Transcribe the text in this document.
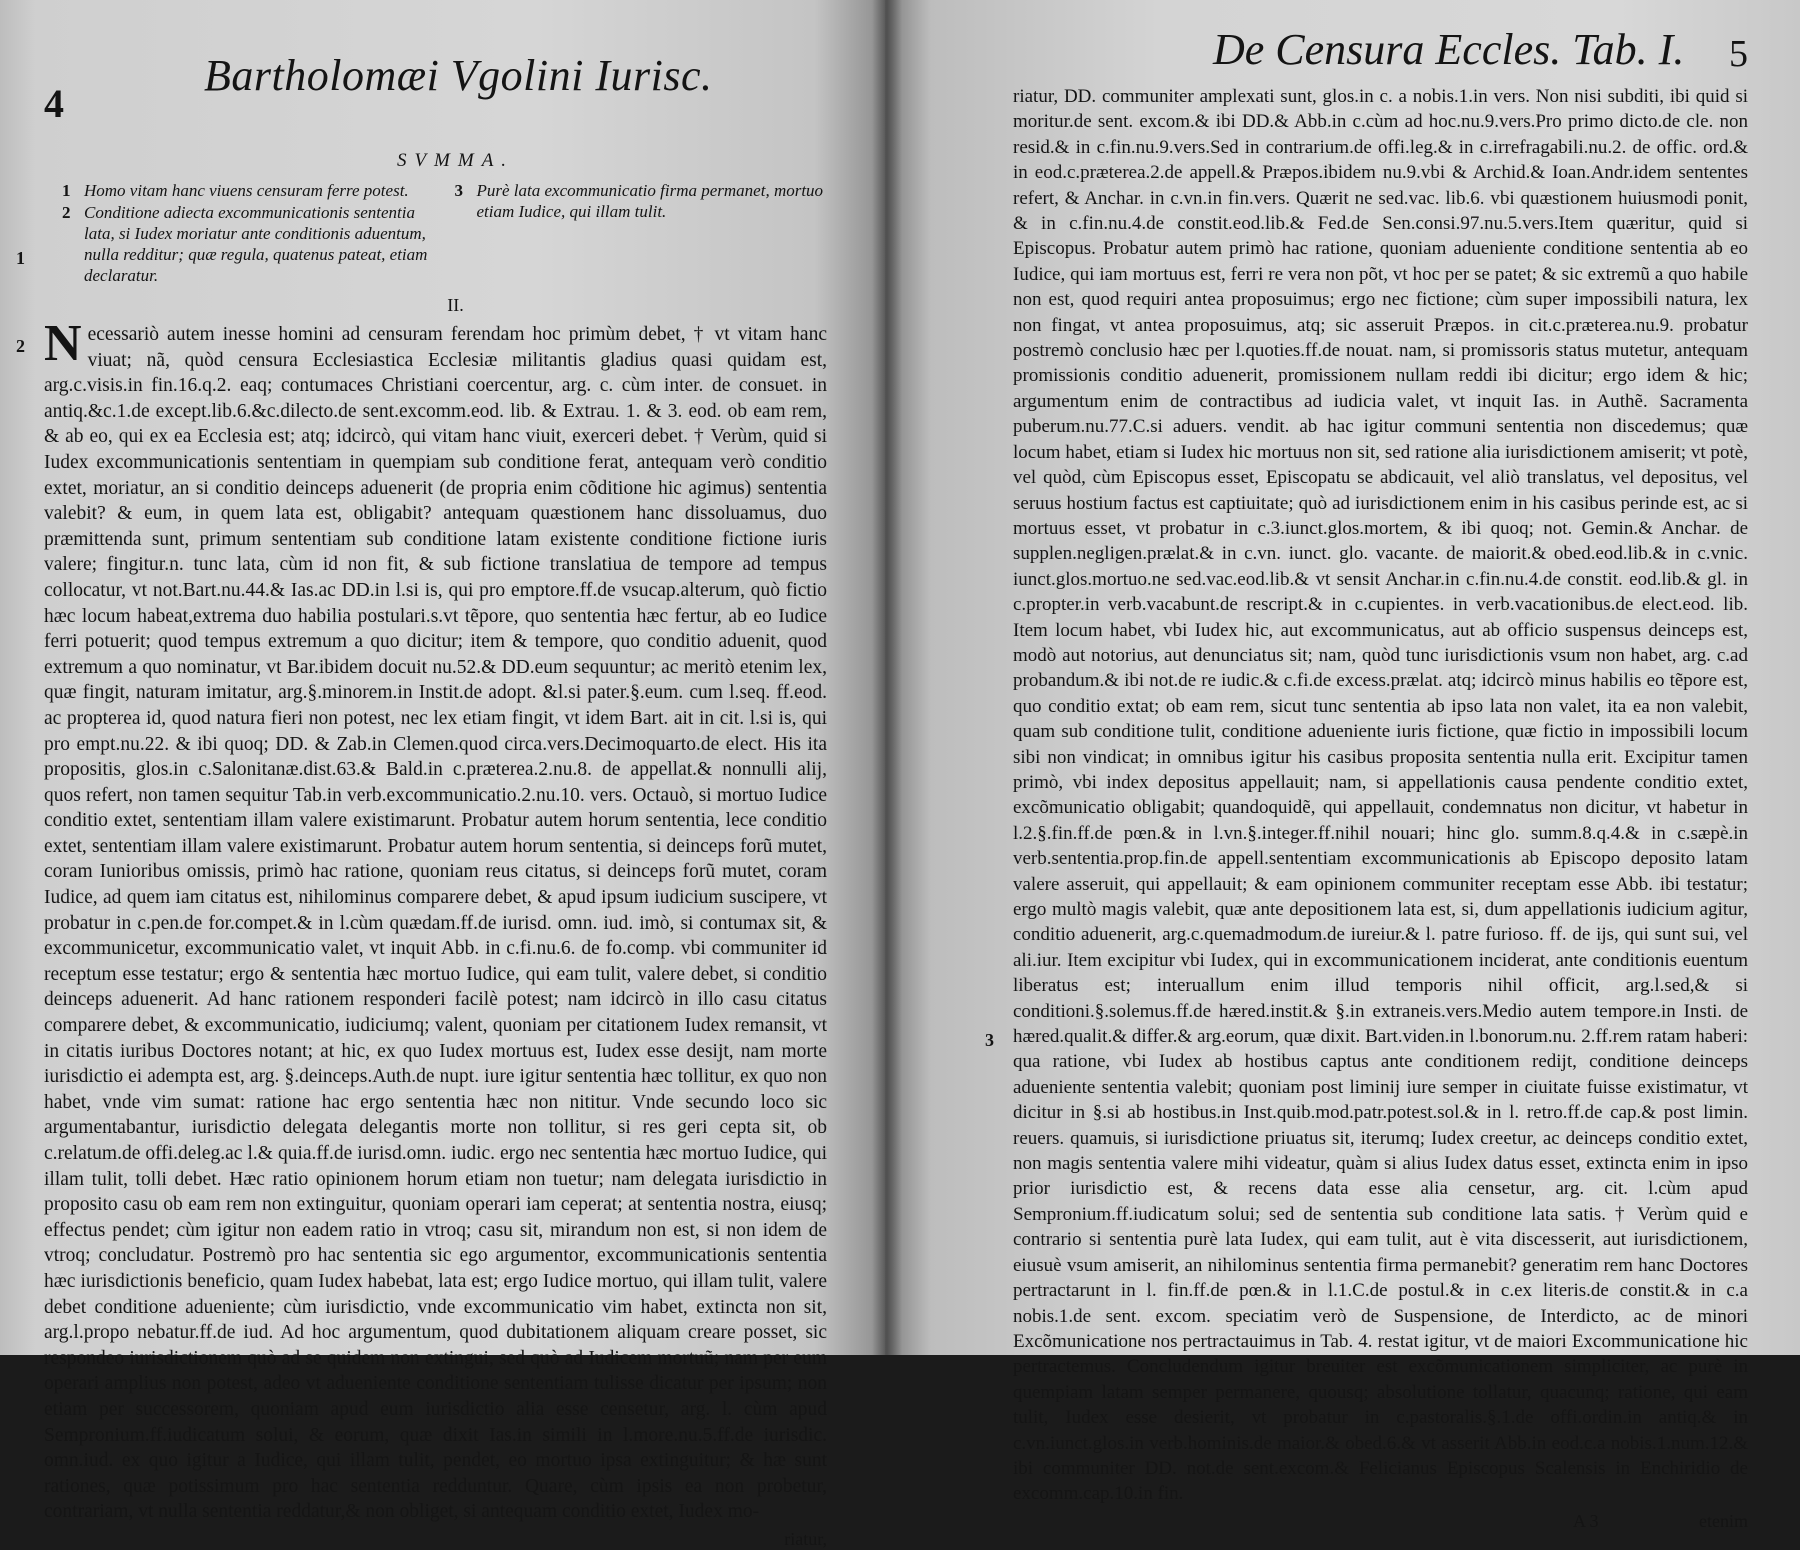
4
Bartholomæi Vgolini Iurisc.
SVMMA.
1 Homo vitam hanc viuens censuram ferre potest.
2 Conditione adiecta excommunicationis sententia lata, si Iudex moriatur ante conditionis aduentum, nulla redditur; quæ regula, quatenus pateat, etiam declaratur.
3 Purè lata excommunicatio firma permanet, mortuo etiam Iudice, qui illam tulit.
II.

Necessariò autem inesse homini ad censuram ferendam hoc primùm debet, † vt vitam hanc viuat; nã, quòd censura Ecclesiastica Ecclesiæ militantis gladius quasi quidam est, arg.c.visis.in fin.16.q.2. eaq; contumaces Christiani coercentur, arg. c. cùm inter. de consuet. in antiq.&c.1.de except.lib.6.&c.dilecto.de sent.excomm.eod. lib. & Extrau. 1. & 3. eod. ob eam rem, & ab eo, qui ex ea Ecclesia est; atq; idcircò, qui vitam hanc viuit, exerceri debet. † Verùm, quid si Iudex excommunicationis sententiam in quempiam sub conditione ferat, antequam verò conditio extet, moriatur, an si conditio deinceps aduenerit (de propria enim cõditione hic agimus) sententia valebit? & eum, in quem lata est, obligabit? antequam quæstionem hanc dissoluamus, duo præmittenda sunt, primum sententiam sub conditione latam existente conditione fictione iuris valere; fingitur.n. tunc lata, cùm id non fit, & sub fictione translatiua de tempore ad tempus collocatur, vt not.Bart.nu.44.& Ias.ac DD.in l.si is, qui pro emptore.ff.de vsucap.alterum, quò fictio hæc locum habeat,extrema duo habilia postulari.s.vt tẽpore, quo sententia hæc fertur, ab eo Iudice ferri potuerit; quod tempus extremum a quo dicitur; item & tempore, quo conditio aduenit, quod extremum a quo nominatur, vt Bar.ibidem docuit nu.52.& DD.eum sequuntur; ac meritò etenim lex, quæ fingit, naturam imitatur, arg.§.minorem.in Instit.de adopt. &l.si pater.§.eum. cum l.seq. ff.eod. ac propterea id, quod natura fieri non potest, nec lex etiam fingit, vt idem Bart. ait in cit. l.si is, qui pro empt.nu.22. & ibi quoq; DD. & Zab.in Clemen.quod circa.vers.Decimoquarto.de elect. His ita propositis, glos.in c.Salonitanæ.dist.63.& Bald.in c.præterea.2.nu.8. de appellat.& nonnulli alij, quos refert, non tamen sequitur Tab.in verb.excommunicatio.2.nu.10. vers. Octauò, si mortuo Iudice conditio extet, sententiam illam valere existimarunt. Probatur autem horum sententia, lece conditio extet, sententiam illam valere existimarunt. Probatur autem horum sententia, si deinceps forũ mutet, coram Iunioribus omissis, primò hac ratione, quoniam reus citatus, si deinceps forũ mutet, coram Iudice, ad quem iam citatus est, nihilominus comparere debet, & apud ipsum iudicium suscipere, vt probatur in c.pen.de for.compet.& in l.cùm quædam.ff.de iurisd. omn. iud. imò, si contumax sit, & excommunicetur, excommunicatio valet, vt inquit Abb. in c.fi.nu.6. de fo.comp. vbi communiter id receptum esse testatur; ergo & sententia hæc mortuo Iudice, qui eam tulit, valere debet, si conditio deinceps aduenerit. Ad hanc rationem responderi facilè potest; nam idcircò in illo casu citatus comparere debet, & excommunicatio, iudiciumq; valent, quoniam per citationem Iudex remansit, vt in citatis iuribus Doctores notant; at hic, ex quo Iudex mortuus est, Iudex esse desijt, nam morte iurisdictio ei adempta est, arg. §.deinceps.Auth.de nupt. iure igitur sententia hæc tollitur, ex quo non habet, vnde vim sumat: ratione hac ergo sententia hæc non nititur. Vnde secundo loco sic argumentabantur, iurisdictio delegata delegantis morte non tollitur, si res geri cepta sit, ob c.relatum.de offi.deleg.ac l.& quia.ff.de iurisd.omn. iudic. ergo nec sententia hæc mortuo Iudice, qui illam tulit, tolli debet. Hæc ratio opinionem horum etiam non tuetur; nam delegata iurisdictio in proposito casu ob eam rem non extinguitur, quoniam operari iam ceperat; at sententia nostra, eiusq; effectus pendet; cùm igitur non eadem ratio in vtroq; casu sit, mirandum non est, si non idem de vtroq; concludatur. Postremò pro hac sententia sic ego argumentor, excommunicationis sententia hæc iurisdictionis beneficio, quam Iudex habebat, lata est; ergo Iudice mortuo, qui illam tulit, valere debet conditione adueniente; cùm iurisdictio, vnde excommunicatio vim habet, extincta non sit, arg.l.propo nebatur.ff.de iud. Ad hoc argumentum, quod dubitationem aliquam creare posset, sic respondeo iurisdictionem quò ad se quidem non extingui, sed quò ad Iudicem mortuũ; nam per eum operari amplius non potest, adeo vt adueniente conditione sententiam tulisse dicatur per ipsum; non etiam per successorem, quoniam apud eum iurisdictio alia esse censetur, arg. l. cùm apud Sempronium.ff.iudicatum solui, & eorum, quæ dixit Ias.in simili in l.more.nu.5.ff.de iurisdic. omn.iud. ex quo igitur a Iudice, qui illam tulit, pendet, eo mortuo ipsa extinguitur; & hæ sunt rationes, quæ potissimum pro hac sententia redduntur. Quare, cùm ipsis ea non probetur, contrariam, vt nulla sententia reddatur,& non obliget, si antequam conditio extet, Iudex mo-

riatur,
1
2
De Censura Eccles. Tab. I. 5

riatur, DD. communiter amplexati sunt, glos.in c. a nobis.1.in vers. Non nisi subditi, ibi quid si moritur.de sent. excom.& ibi DD.& Abb.in c.cùm ad hoc.nu.9.vers.Pro primo dicto.de cle. non resid.& in c.fin.nu.9.vers.Sed in contrarium.de offi.leg.& in c.irrefragabili.nu.2. de offic. ord.& in eod.c.præterea.2.de appell.& Præpos.ibidem nu.9.vbi & Archid.& Ioan.Andr.idem sententes refert, & Anchar. in c.vn.in fin.vers. Quærit ne sed.vac. lib.6. vbi quæstionem huiusmodi ponit, & in c.fin.nu.4.de constit.eod.lib.& Fed.de Sen.consi.97.nu.5.vers.Item quæritur, quid si Episcopus. Probatur autem primò hac ratione, quoniam adueniente conditione sententia ab eo Iudice, qui iam mortuus est, ferri re vera non põt, vt hoc per se patet; & sic extremũ a quo habile non est, quod requiri antea proposuimus; ergo nec fictione; cùm super impossibili natura, lex non fingat, vt antea proposuimus, atq; sic asseruit Præpos. in cit.c.præterea.nu.9. probatur postremò conclusio hæc per l.quoties.ff.de nouat. nam, si promissoris status mutetur, antequam promissionis conditio aduenerit, promissionem nullam reddi ibi dicitur; ergo idem & hic; argumentum enim de contractibus ad iudicia valet, vt inquit Ias. in Authẽ. Sacramenta puberum.nu.77.C.si aduers. vendit. ab hac igitur communi sententia non discedemus; quæ locum habet, etiam si Iudex hic mortuus non sit, sed ratione alia iurisdictionem amiserit; vt potè, vel quòd, cùm Episcopus esset, Episcopatu se abdicauit, vel aliò translatus, vel depositus, vel seruus hostium factus est captiuitate; quò ad iurisdictionem enim in his casibus perinde est, ac si mortuus esset, vt probatur in c.3.iunct.glos.mortem, & ibi quoq; not. Gemin.& Anchar. de supplen.negligen.prælat.& in c.vn. iunct. glo. vacante. de maiorit.& obed.eod.lib.& in c.vnic. iunct.glos.mortuo.ne sed.vac.eod.lib.& vt sensit Anchar.in c.fin.nu.4.de constit. eod.lib.& gl. in c.propter.in verb.vacabunt.de rescript.& in c.cupientes. in verb.vacationibus.de elect.eod. lib. Item locum habet, vbi Iudex hic, aut excommunicatus, aut ab officio suspensus deinceps est, modò aut notorius, aut denunciatus sit; nam, quòd tunc iurisdictionis vsum non habet, arg. c.ad probandum.& ibi not.de re iudic.& c.fi.de excess.prælat. atq; idcircò minus habilis eo tẽpore est, quo conditio extat; ob eam rem, sicut tunc sententia ab ipso lata non valet, ita ea non valebit, quam sub conditione tulit, conditione adueniente iuris fictione, quæ fictio in impossibili locum sibi non vindicat; in omnibus igitur his casibus proposita sententia nulla erit. Excipitur tamen primò, vbi index depositus appellauit; nam, si appellationis causa pendente conditio extet, excõmunicatio obligabit; quandoquidẽ, qui appellauit, condemnatus non dicitur, vt habetur in l.2.§.fin.ff.de pœn.& in l.vn.§.integer.ff.nihil nouari; hinc glo. summ.8.q.4.& in c.sæpè.in verb.sententia.prop.fin.de appell.sententiam excommunicationis ab Episcopo deposito latam valere asseruit, qui appellauit; & eam opinionem communiter receptam esse Abb. ibi testatur; ergo multò magis valebit, quæ ante depositionem lata est, si, dum appellationis iudicium agitur, conditio aduenerit, arg.c.quemadmodum.de iureiur.& l. patre furioso. ff. de ijs, qui sunt sui, vel ali.iur. Item excipitur vbi Iudex, qui in excommunicationem inciderat, ante conditionis euentum liberatus est; interuallum enim illud temporis nihil officit, arg.l.sed,& si conditioni.§.solemus.ff.de hæred.instit.& §.in extraneis.vers.Medio autem tempore.in Insti. de hæred.qualit.& differ.& arg.eorum, quæ dixit. Bart.viden.in l.bonorum.nu. 2.ff.rem ratam haberi: qua ratione, vbi Iudex ab hostibus captus ante conditionem redijt, conditione deinceps adueniente sententia valebit; quoniam post liminij iure semper in ciuitate fuisse existimatur, vt dicitur in §.si ab hostibus.in Inst.quib.mod.patr.potest.sol.& in l. retro.ff.de cap.& post limin. reuers. quamuis, si iurisdictione priuatus sit, iterumq; Iudex creetur, ac deinceps conditio extet, non magis sententia valere mihi videatur, quàm si alius Iudex datus esset, extincta enim in ipso prior iurisdictio est, & recens data esse alia censetur, arg. cit. l.cùm apud Sempronium.ff.iudicatum solui; sed de sententia sub conditione lata satis. † Verùm quid e contrario si sententia purè lata Iudex, qui eam tulit, aut è vita discesserit, aut iurisdictionem, eiusuè vsum amiserit, an nihilominus sententia firma permanebit? generatim rem hanc Doctores pertractarunt in l. fin.ff.de pœn.& in l.1.C.de postul.& in c.ex literis.de constit.& in c.a nobis.1.de sent. excom. speciatim verò de Suspensione, de Interdicto, ac de minori Excõmunicatione nos pertractauimus in Tab. 4. restat igitur, vt de maiori Excommunicatione hic pertractemus. Concludendum igitur breuiter est excõmunicationem simpliciter, ac purè in quempiam latam semper permanere, quousq; absolutione tollatur, quacunq; ratione, qui eam tulit, Iudex esse desierit, vt probatur in c.pastoralis.§.1.de offi.ordin.in antiq.& in c.vn.iunct.glos.in verb.hominis.de maior.& obed.6.& vt asserit Abb.in eod.c.a nobis.1.num.12.& ibi communiter DD. not.de sent.excom.& Felicianus Episcopus Scalensis in Enchiridio de excomm.cap.10.in fin.

A 3	etenim
3
